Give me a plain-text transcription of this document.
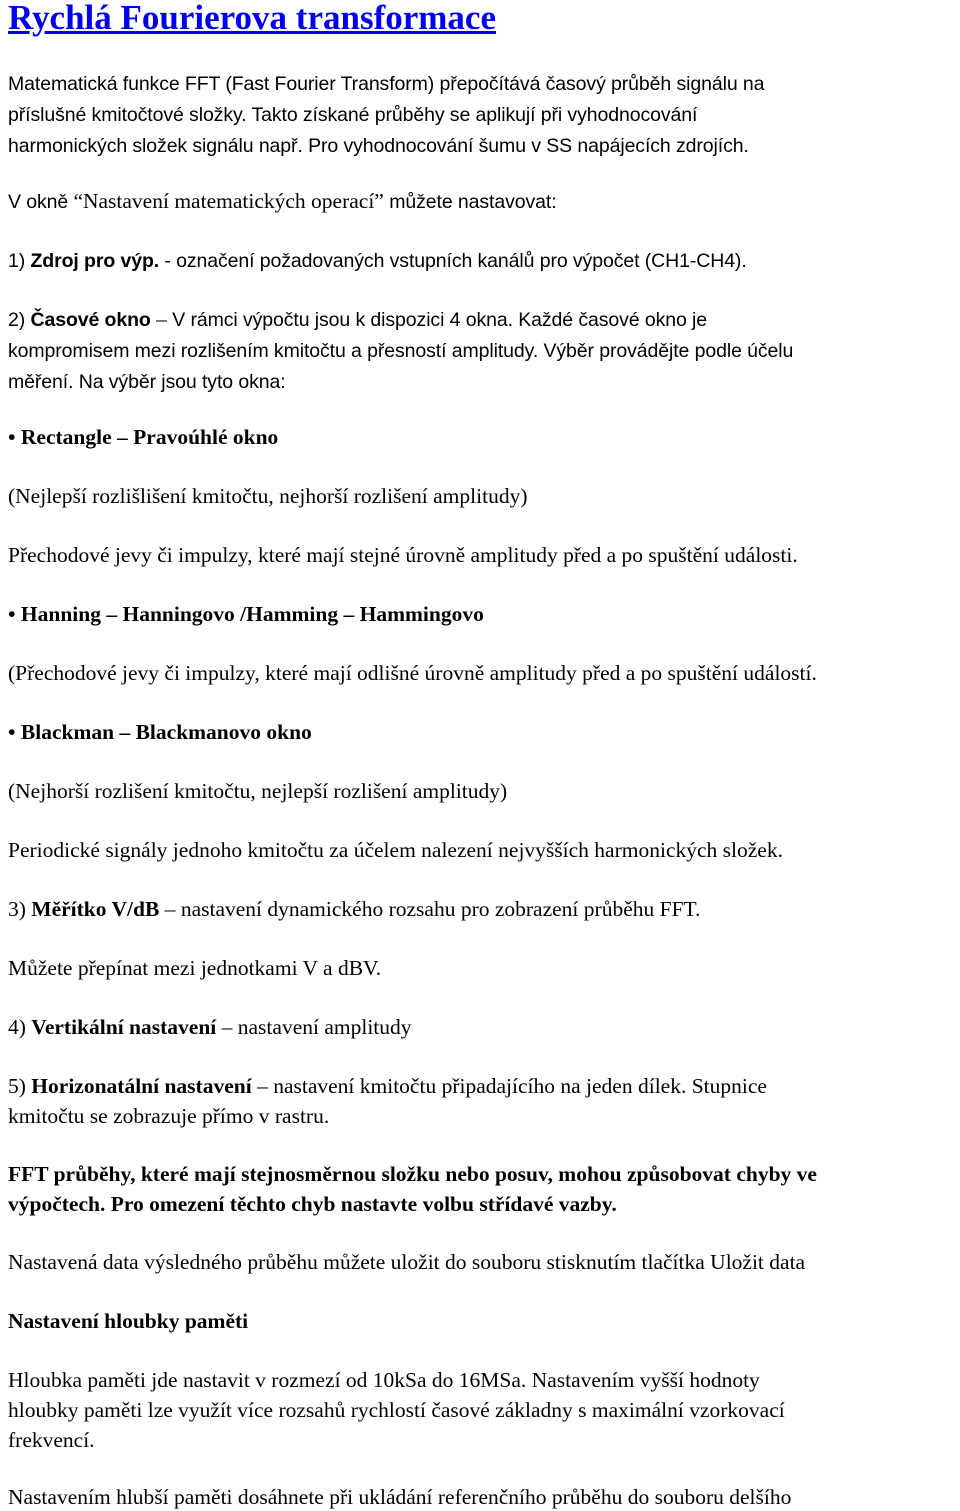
Rychlá Fourierova transformace

Matematická funkce FFT (Fast Fourier Transform) přepočítává časový průběh signálu na
příslušné kmitočtové složky. Takto získané průběhy se aplikují při vyhodnocování
harmonických složek signálu např. Pro vyhodnocování šumu v SS napájecích zdrojích.

V okně “Nastavení matematických operací” můžete nastavovat:

1) Zdroj pro výp. - označení požadovaných vstupních kanálů pro výpočet (CH1-CH4).

2) Časové okno – V rámci výpočtu jsou k dispozici 4 okna. Každé časové okno je
kompromisem mezi rozlišením kmitočtu a přesností amplitudy. Výběr provádějte podle účelu
měření. Na výběr jsou tyto okna:

• Rectangle – Pravoúhlé okno

(Nejlepší rozlišlišení kmitočtu, nejhorší rozlišení amplitudy)

Přechodové jevy či impulzy, které mají stejné úrovně amplitudy před a po spuštění události.

• Hanning – Hanningovo /Hamming – Hammingovo

(Přechodové jevy či impulzy, které mají odlišné úrovně amplitudy před a po spuštění událostí.

• Blackman – Blackmanovo okno

(Nejhorší rozlišení kmitočtu, nejlepší rozlišení amplitudy)

Periodické signály jednoho kmitočtu za účelem nalezení nejvyšších harmonických složek.

3) Měřítko V/dB – nastavení dynamického rozsahu pro zobrazení průběhu FFT.

Můžete přepínat mezi jednotkami V a dBV.

4) Vertikální nastavení – nastavení amplitudy

5) Horizonatální nastavení – nastavení kmitočtu připadajícího na jeden dílek. Stupnice
kmitočtu se zobrazuje přímo v rastru.

FFT průběhy, které mají stejnosměrnou složku nebo posuv, mohou způsobovat chyby ve
výpočtech. Pro omezení těchto chyb nastavte volbu střídavé vazby.

Nastavená data výsledného průběhu můžete uložit do souboru stisknutím tlačítka Uložit data

Nastavení hloubky paměti

Hloubka paměti jde nastavit v rozmezí od 10kSa do 16MSa. Nastavením vyšší hodnoty
hloubky paměti lze využít více rozsahů rychlostí časové základny s maximální vzorkovací
frekvencí.

Nastavením hlubší paměti dosáhnete při ukládání referenčního průběhu do souboru delšího
